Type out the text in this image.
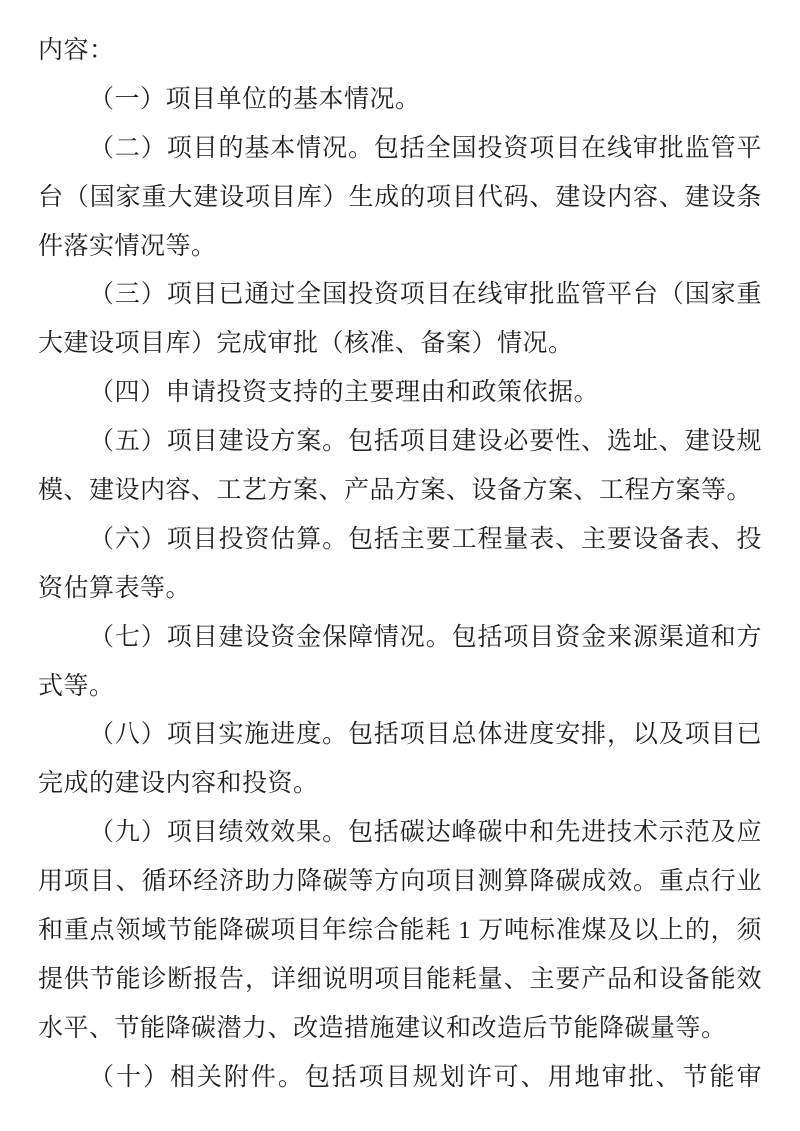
内容：
（一）项目单位的基本情况。
（二）项目的基本情况。包括全国投资项目在线审批监管平
台（国家重大建设项目库）生成的项目代码、建设内容、建设条
件落实情况等。
（三）项目已通过全国投资项目在线审批监管平台（国家重
大建设项目库）完成审批（核准、备案）情况。
（四）申请投资支持的主要理由和政策依据。
（五）项目建设方案。包括项目建设必要性、选址、建设规
模、建设内容、工艺方案、产品方案、设备方案、工程方案等。
（六）项目投资估算。包括主要工程量表、主要设备表、投
资估算表等。
（七）项目建设资金保障情况。包括项目资金来源渠道和方
式等。
（八）项目实施进度。包括项目总体进度安排，以及项目已
完成的建设内容和投资。
（九）项目绩效效果。包括碳达峰碳中和先进技术示范及应
用项目、循环经济助力降碳等方向项目测算降碳成效。重点行业
和重点领域节能降碳项目年综合能耗 1 万吨标准煤及以上的，须
提供节能诊断报告，详细说明项目能耗量、主要产品和设备能效
水平、节能降碳潜力、改造措施建议和改造后节能降碳量等。
（十）相关附件。包括项目规划许可、用地审批、节能审
